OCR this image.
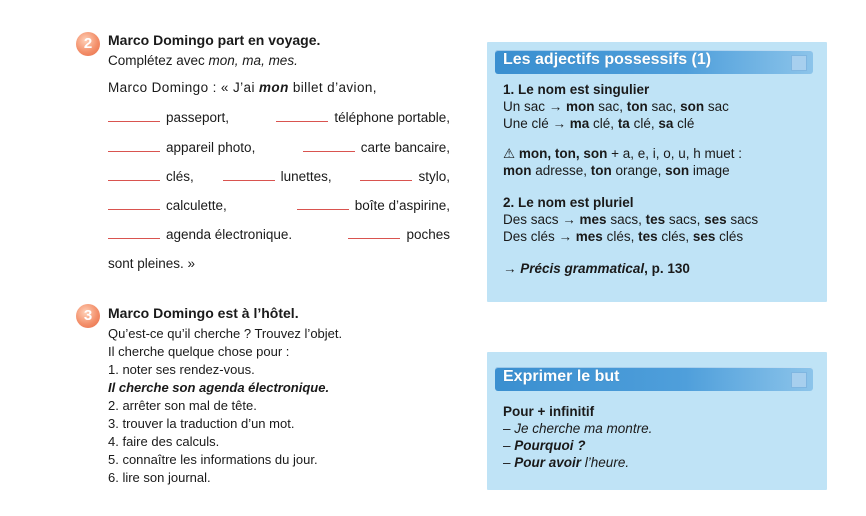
2	Marco Domingo part en voyage.
Complétez avec mon, ma, mes.
Marco Domingo : « J’ai mon billet d’avion,
passeport,	téléphone portable,
appareil photo,	carte bancaire,
clés,	lunettes,	stylo,
calculette,	boîte d’aspirine,
agenda électronique.	poches
sont pleines. »
3	Marco Domingo est à l’hôtel.
Qu’est-ce qu’il cherche ? Trouvez l’objet.
Il cherche quelque chose pour :
1. noter ses rendez-vous.
Il cherche son agenda électronique.
2. arrêter son mal de tête.
3. trouver la traduction d’un mot.
4. faire des calculs.
5. connaître les informations du jour.
6. lire son journal.
Les adjectifs possessifs (1)
1. Le nom est singulier
Un sac → mon sac, ton sac, son sac
Une clé → ma clé, ta clé, sa clé
⚠ mon, ton, son + a, e, i, o, u, h muet :
mon adresse, ton orange, son image
2. Le nom est pluriel
Des sacs → mes sacs, tes sacs, ses sacs
Des clés → mes clés, tes clés, ses clés
→ Précis grammatical, p. 130
Exprimer le but
Pour + infinitif
– Je cherche ma montre.
– Pourquoi ?
– Pour avoir l’heure.
